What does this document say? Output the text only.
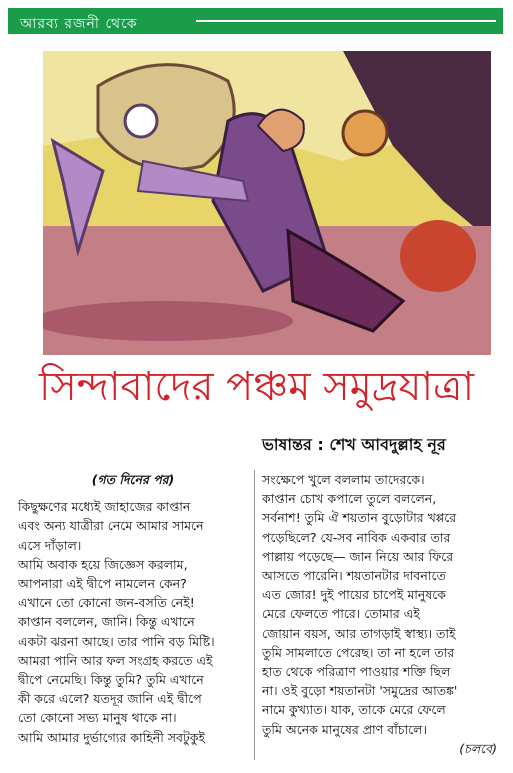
আরব্য রজনী থেকে
সিন্দাবাদের পঞ্চম সমুদ্রযাত্রা
ভাষান্তর : শেখ আবদুল্লাহ নূর

(গত দিনের পর)

কিছুক্ষণের মধ্যেই জাহাজের কাপ্তান
এবং অন্য যাত্রীরা নেমে আমার সামনে
এসে দাঁড়াল।

আমি অবাক হয়ে জিজ্ঞেস করলাম,
আপনারা এই দ্বীপে নামলেন কেন?
এখানে তো কোনো জন-বসতি নেই!

কাপ্তান বললেন, জানি। কিন্তু এখানে
একটা ঝরনা আছে। তার পানি বড় মিষ্টি।
আমরা পানি আর ফল সংগ্রহ করতে এই
দ্বীপে নেমেছি। কিন্তু তুমি? তুমি এখানে
কী করে এলে? যতদূর জানি এই দ্বীপে
তো কোনো সভ্য মানুষ থাকে না।

আমি আমার দুর্ভাগ্যের কাহিনী সবটুকুই

সংক্ষেপে খুলে বললাম তাদেরকে।
কাপ্তান চোখ কপালে তুলে বললেন,
সর্বনাশ! তুমি ঐ শয়তান বুড়োটার খপ্পরে
পড়েছিলে? যে-সব নাবিক একবার তার
পাল্লায় পড়েছে— জান নিয়ে আর ফিরে
আসতে পারেনি। শয়তানটার দাবনাতে
এত জোর! দুই পায়ের চাপেই মানুষকে
মেরে ফেলতে পারে। তোমার এই
জোয়ান বয়স, আর তাগড়াই স্বাস্থ্য। তাই
তুমি সামলাতে পেরেছ। তা না হলে তার
হাত থেকে পরিত্রাণ পাওয়ার শক্তি ছিল
না। ওই বুড়ো শয়তানটা 'সমুদ্রের আতঙ্ক'
নামে কুখ্যাত। যাক, তাকে মেরে ফেলে
তুমি অনেক মানুষের প্রাণ বাঁচালে।

(চলবে)
